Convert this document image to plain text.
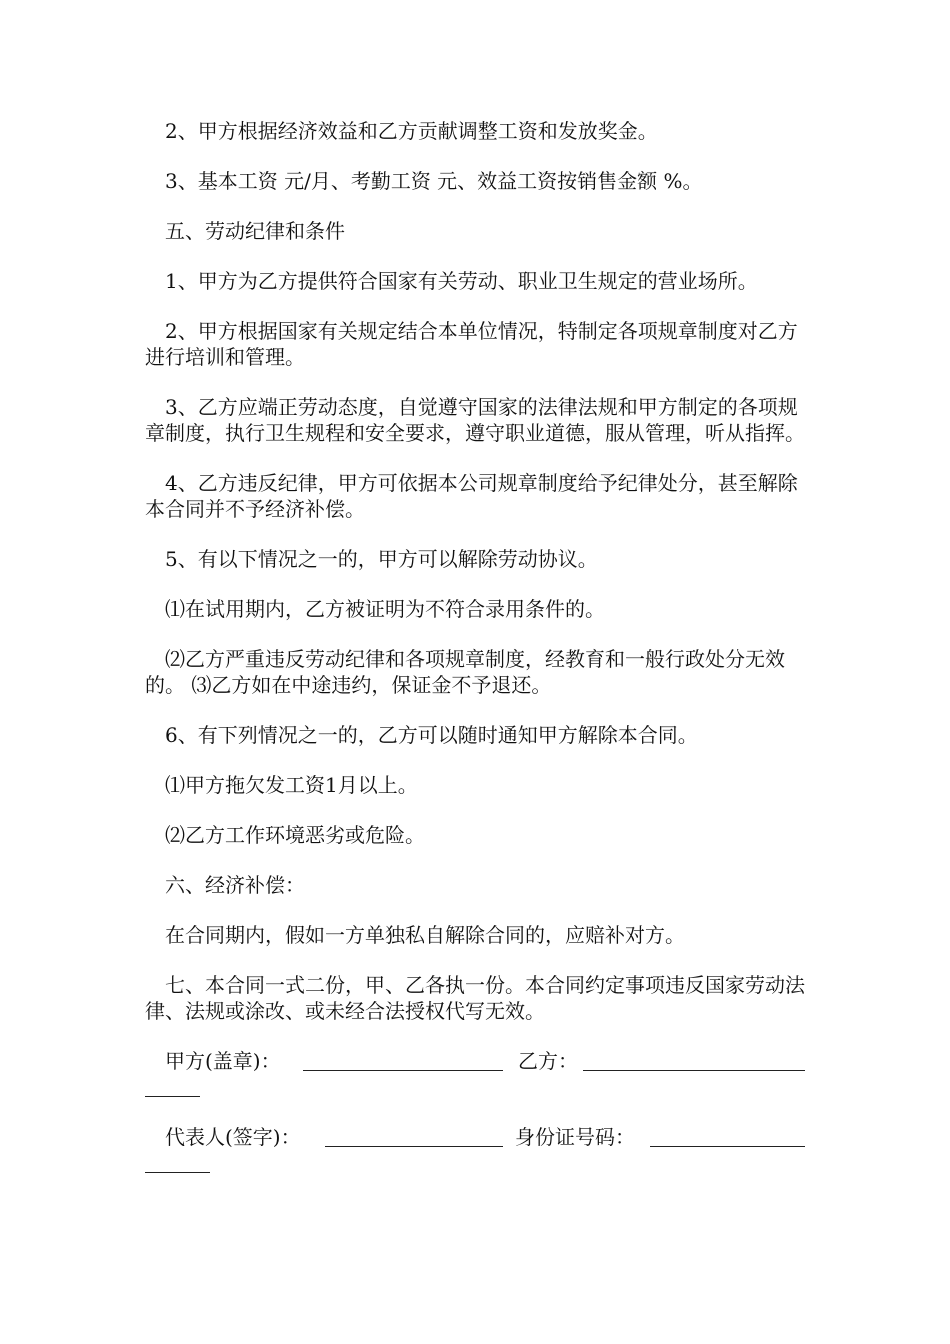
2、甲方根据经济效益和乙方贡献调整工资和发放奖金。

3、基本工资 元/月、考勤工资 元、效益工资按销售金额 %。

五、劳动纪律和条件

1、甲方为乙方提供符合国家有关劳动、职业卫生规定的营业场所。

2、甲方根据国家有关规定结合本单位情况，特制定各项规章制度对乙方进行培训和管理。

3、乙方应端正劳动态度，自觉遵守国家的法律法规和甲方制定的各项规章制度，执行卫生规程和安全要求，遵守职业道德，服从管理，听从指挥。

4、乙方违反纪律，甲方可依据本公司规章制度给予纪律处分，甚至解除本合同并不予经济补偿。

5、有以下情况之一的，甲方可以解除劳动协议。

⑴在试用期内，乙方被证明为不符合录用条件的。

⑵乙方严重违反劳动纪律和各项规章制度，经教育和一般行政处分无效的。 ⑶乙方如在中途违约，保证金不予退还。

6、有下列情况之一的，乙方可以随时通知甲方解除本合同。

⑴甲方拖欠发工资1月以上。

⑵乙方工作环境恶劣或危险。

六、经济补偿：

在合同期内，假如一方单独私自解除合同的，应赔补对方。

七、本合同一式二份，甲、乙各执一份。本合同约定事项违反国家劳动法律、法规或涂改、或未经合法授权代写无效。

甲方(盖章)：	乙方：
代表人(签字)：	身份证号码：
